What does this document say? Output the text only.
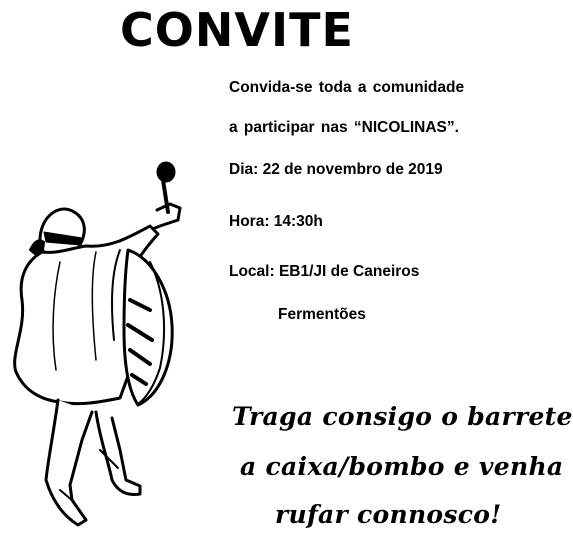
CONVITE
Convida-se toda a comunidade
a participar nas “NICOLINAS”.
Dia: 22 de novembro de 2019
Hora: 14:30h
Local: EB1/JI de Caneiros
Fermentões
Traga consigo o barrete
a caixa/bombo e venha
rufar connosco!
